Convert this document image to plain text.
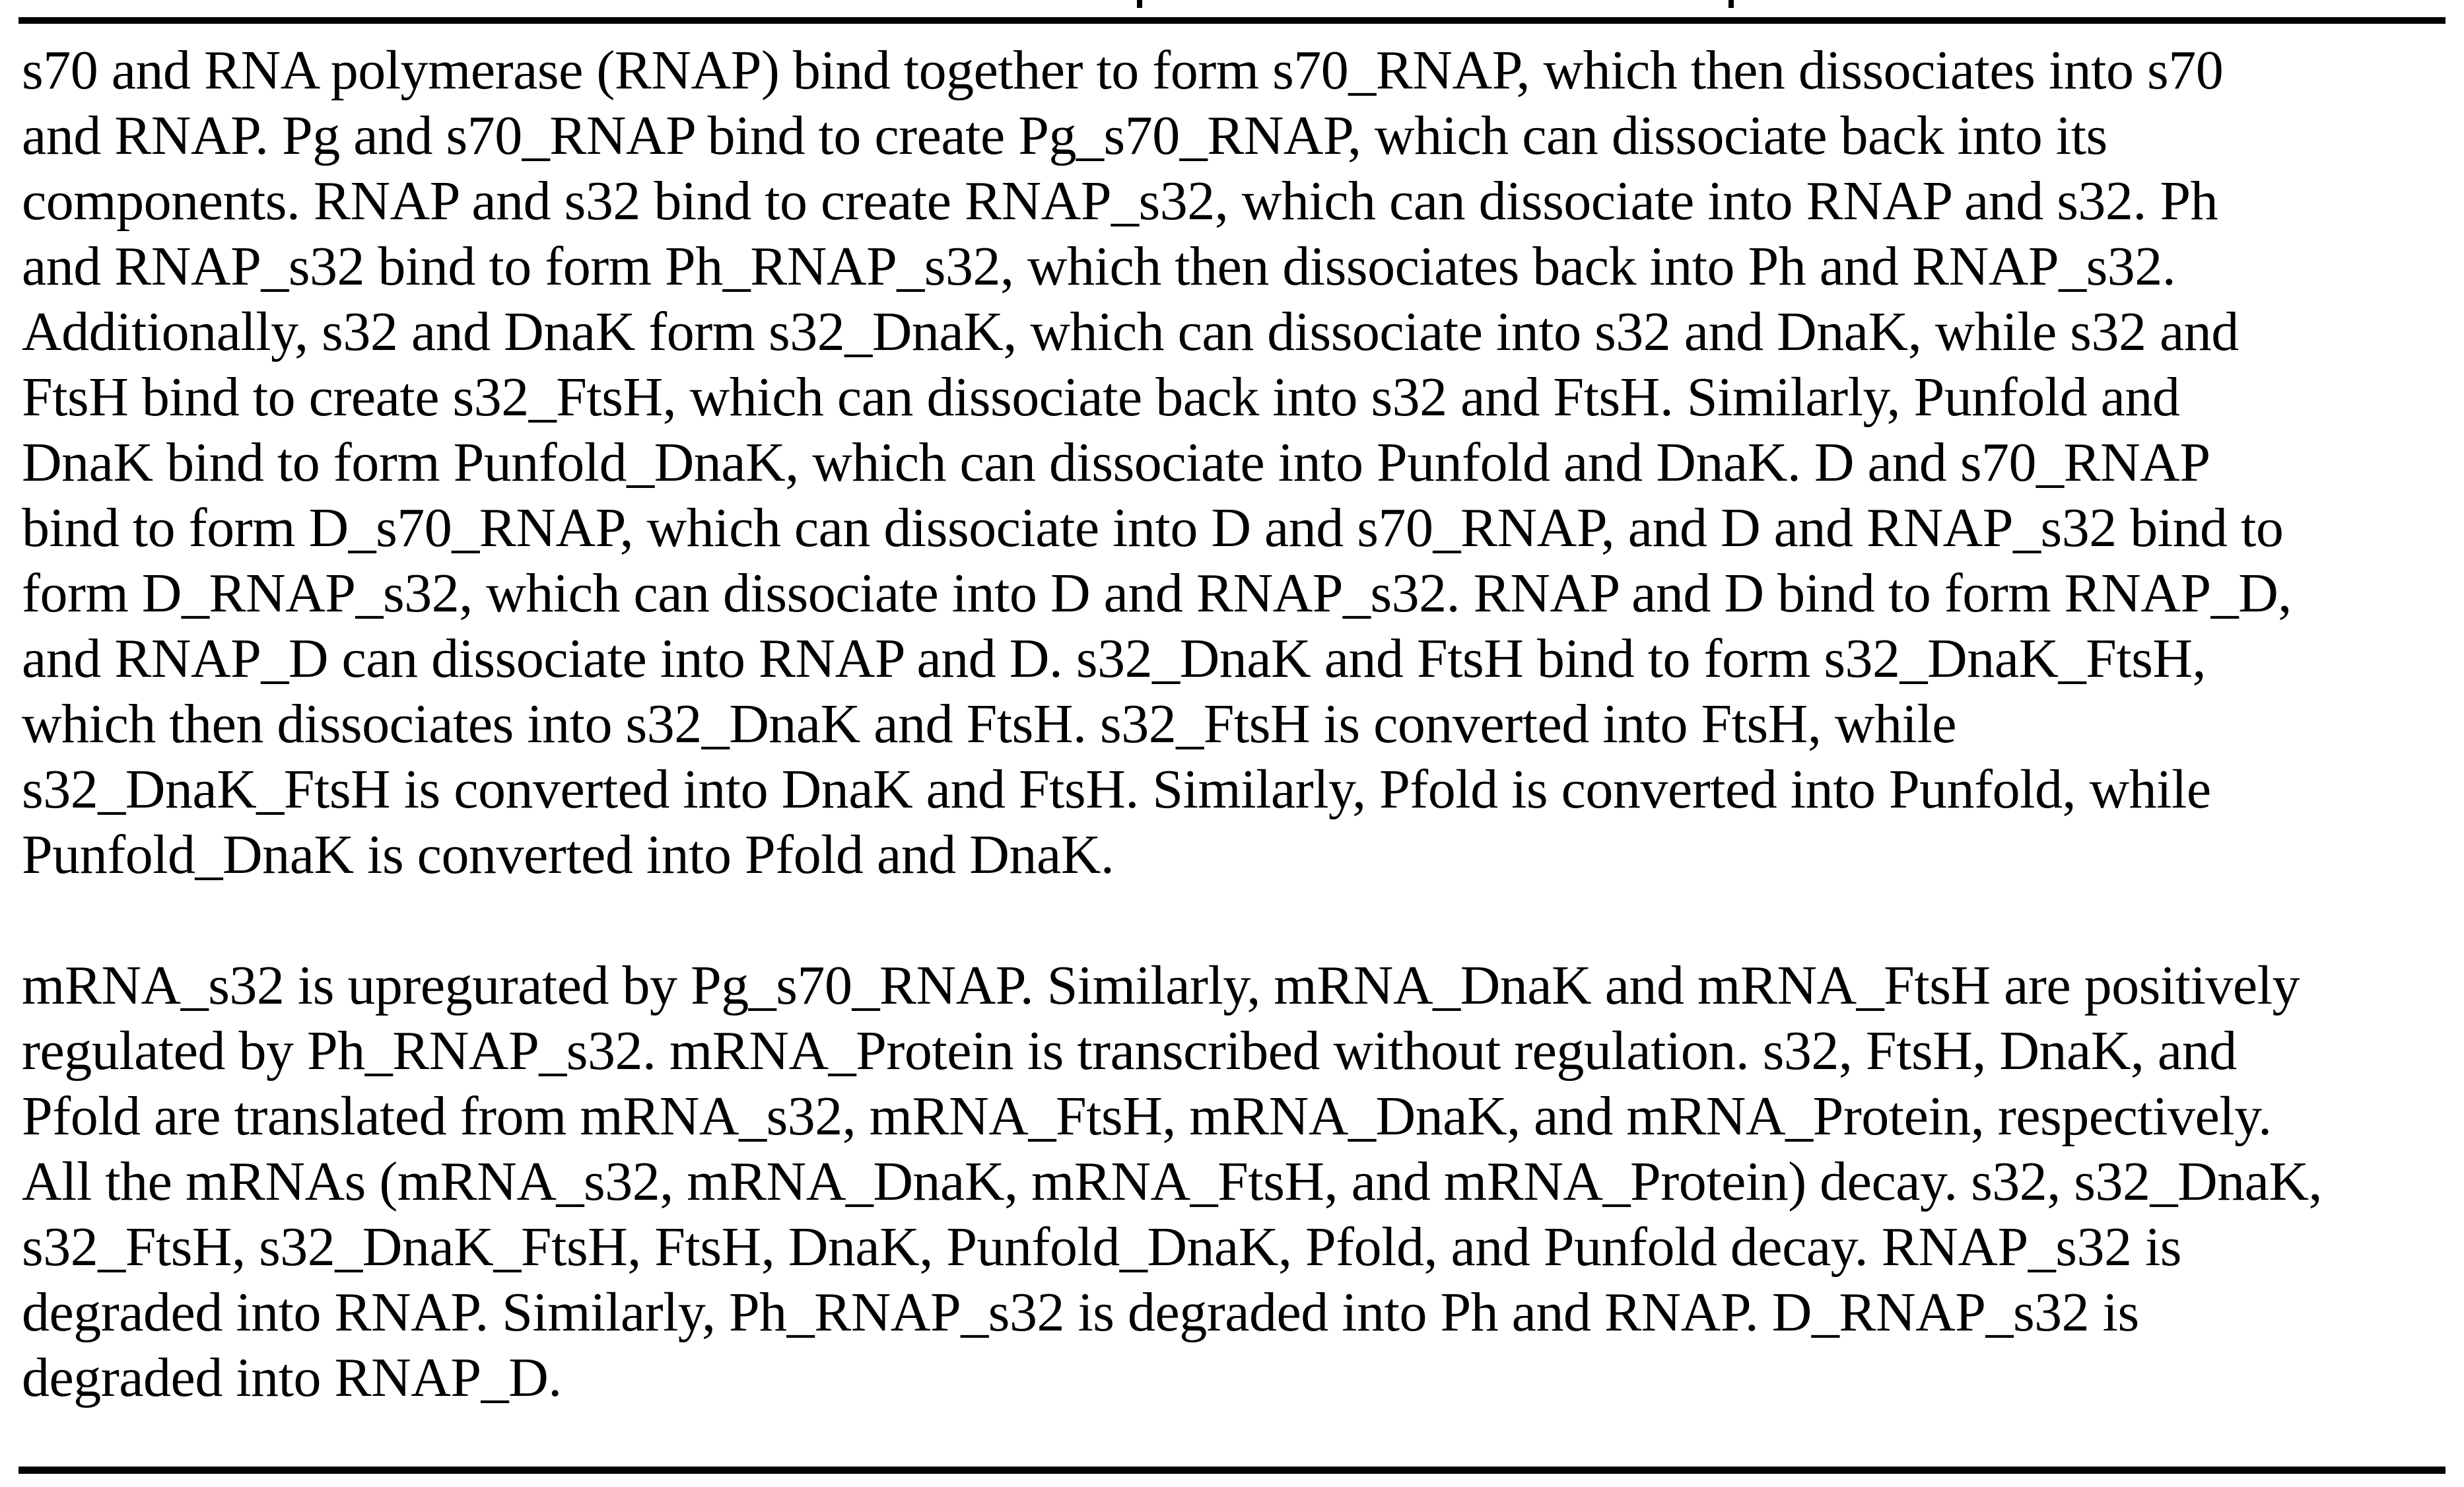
s70 and RNA polymerase (RNAP) bind together to form s70_RNAP, which then dissociates into s70
and RNAP. Pg and s70_RNAP bind to create Pg_s70_RNAP, which can dissociate back into its
components. RNAP and s32 bind to create RNAP_s32, which can dissociate into RNAP and s32. Ph
and RNAP_s32 bind to form Ph_RNAP_s32, which then dissociates back into Ph and RNAP_s32.
Additionally, s32 and DnaK form s32_DnaK, which can dissociate into s32 and DnaK, while s32 and
FtsH bind to create s32_FtsH, which can dissociate back into s32 and FtsH. Similarly, Punfold and
DnaK bind to form Punfold_DnaK, which can dissociate into Punfold and DnaK. D and s70_RNAP
bind to form D_s70_RNAP, which can dissociate into D and s70_RNAP, and D and RNAP_s32 bind to
form D_RNAP_s32, which can dissociate into D and RNAP_s32. RNAP and D bind to form RNAP_D,
and RNAP_D can dissociate into RNAP and D. s32_DnaK and FtsH bind to form s32_DnaK_FtsH,
which then dissociates into s32_DnaK and FtsH. s32_FtsH is converted into FtsH, while
s32_DnaK_FtsH is converted into DnaK and FtsH. Similarly, Pfold is converted into Punfold, while
Punfold_DnaK is converted into Pfold and DnaK.
mRNA_s32 is upregurated by Pg_s70_RNAP. Similarly, mRNA_DnaK and mRNA_FtsH are positively
regulated by Ph_RNAP_s32. mRNA_Protein is transcribed without regulation. s32, FtsH, DnaK, and
Pfold are translated from mRNA_s32, mRNA_FtsH, mRNA_DnaK, and mRNA_Protein, respectively.
All the mRNAs (mRNA_s32, mRNA_DnaK, mRNA_FtsH, and mRNA_Protein) decay. s32, s32_DnaK,
s32_FtsH, s32_DnaK_FtsH, FtsH, DnaK, Punfold_DnaK, Pfold, and Punfold decay. RNAP_s32 is
degraded into RNAP. Similarly, Ph_RNAP_s32 is degraded into Ph and RNAP. D_RNAP_s32 is
degraded into RNAP_D.
